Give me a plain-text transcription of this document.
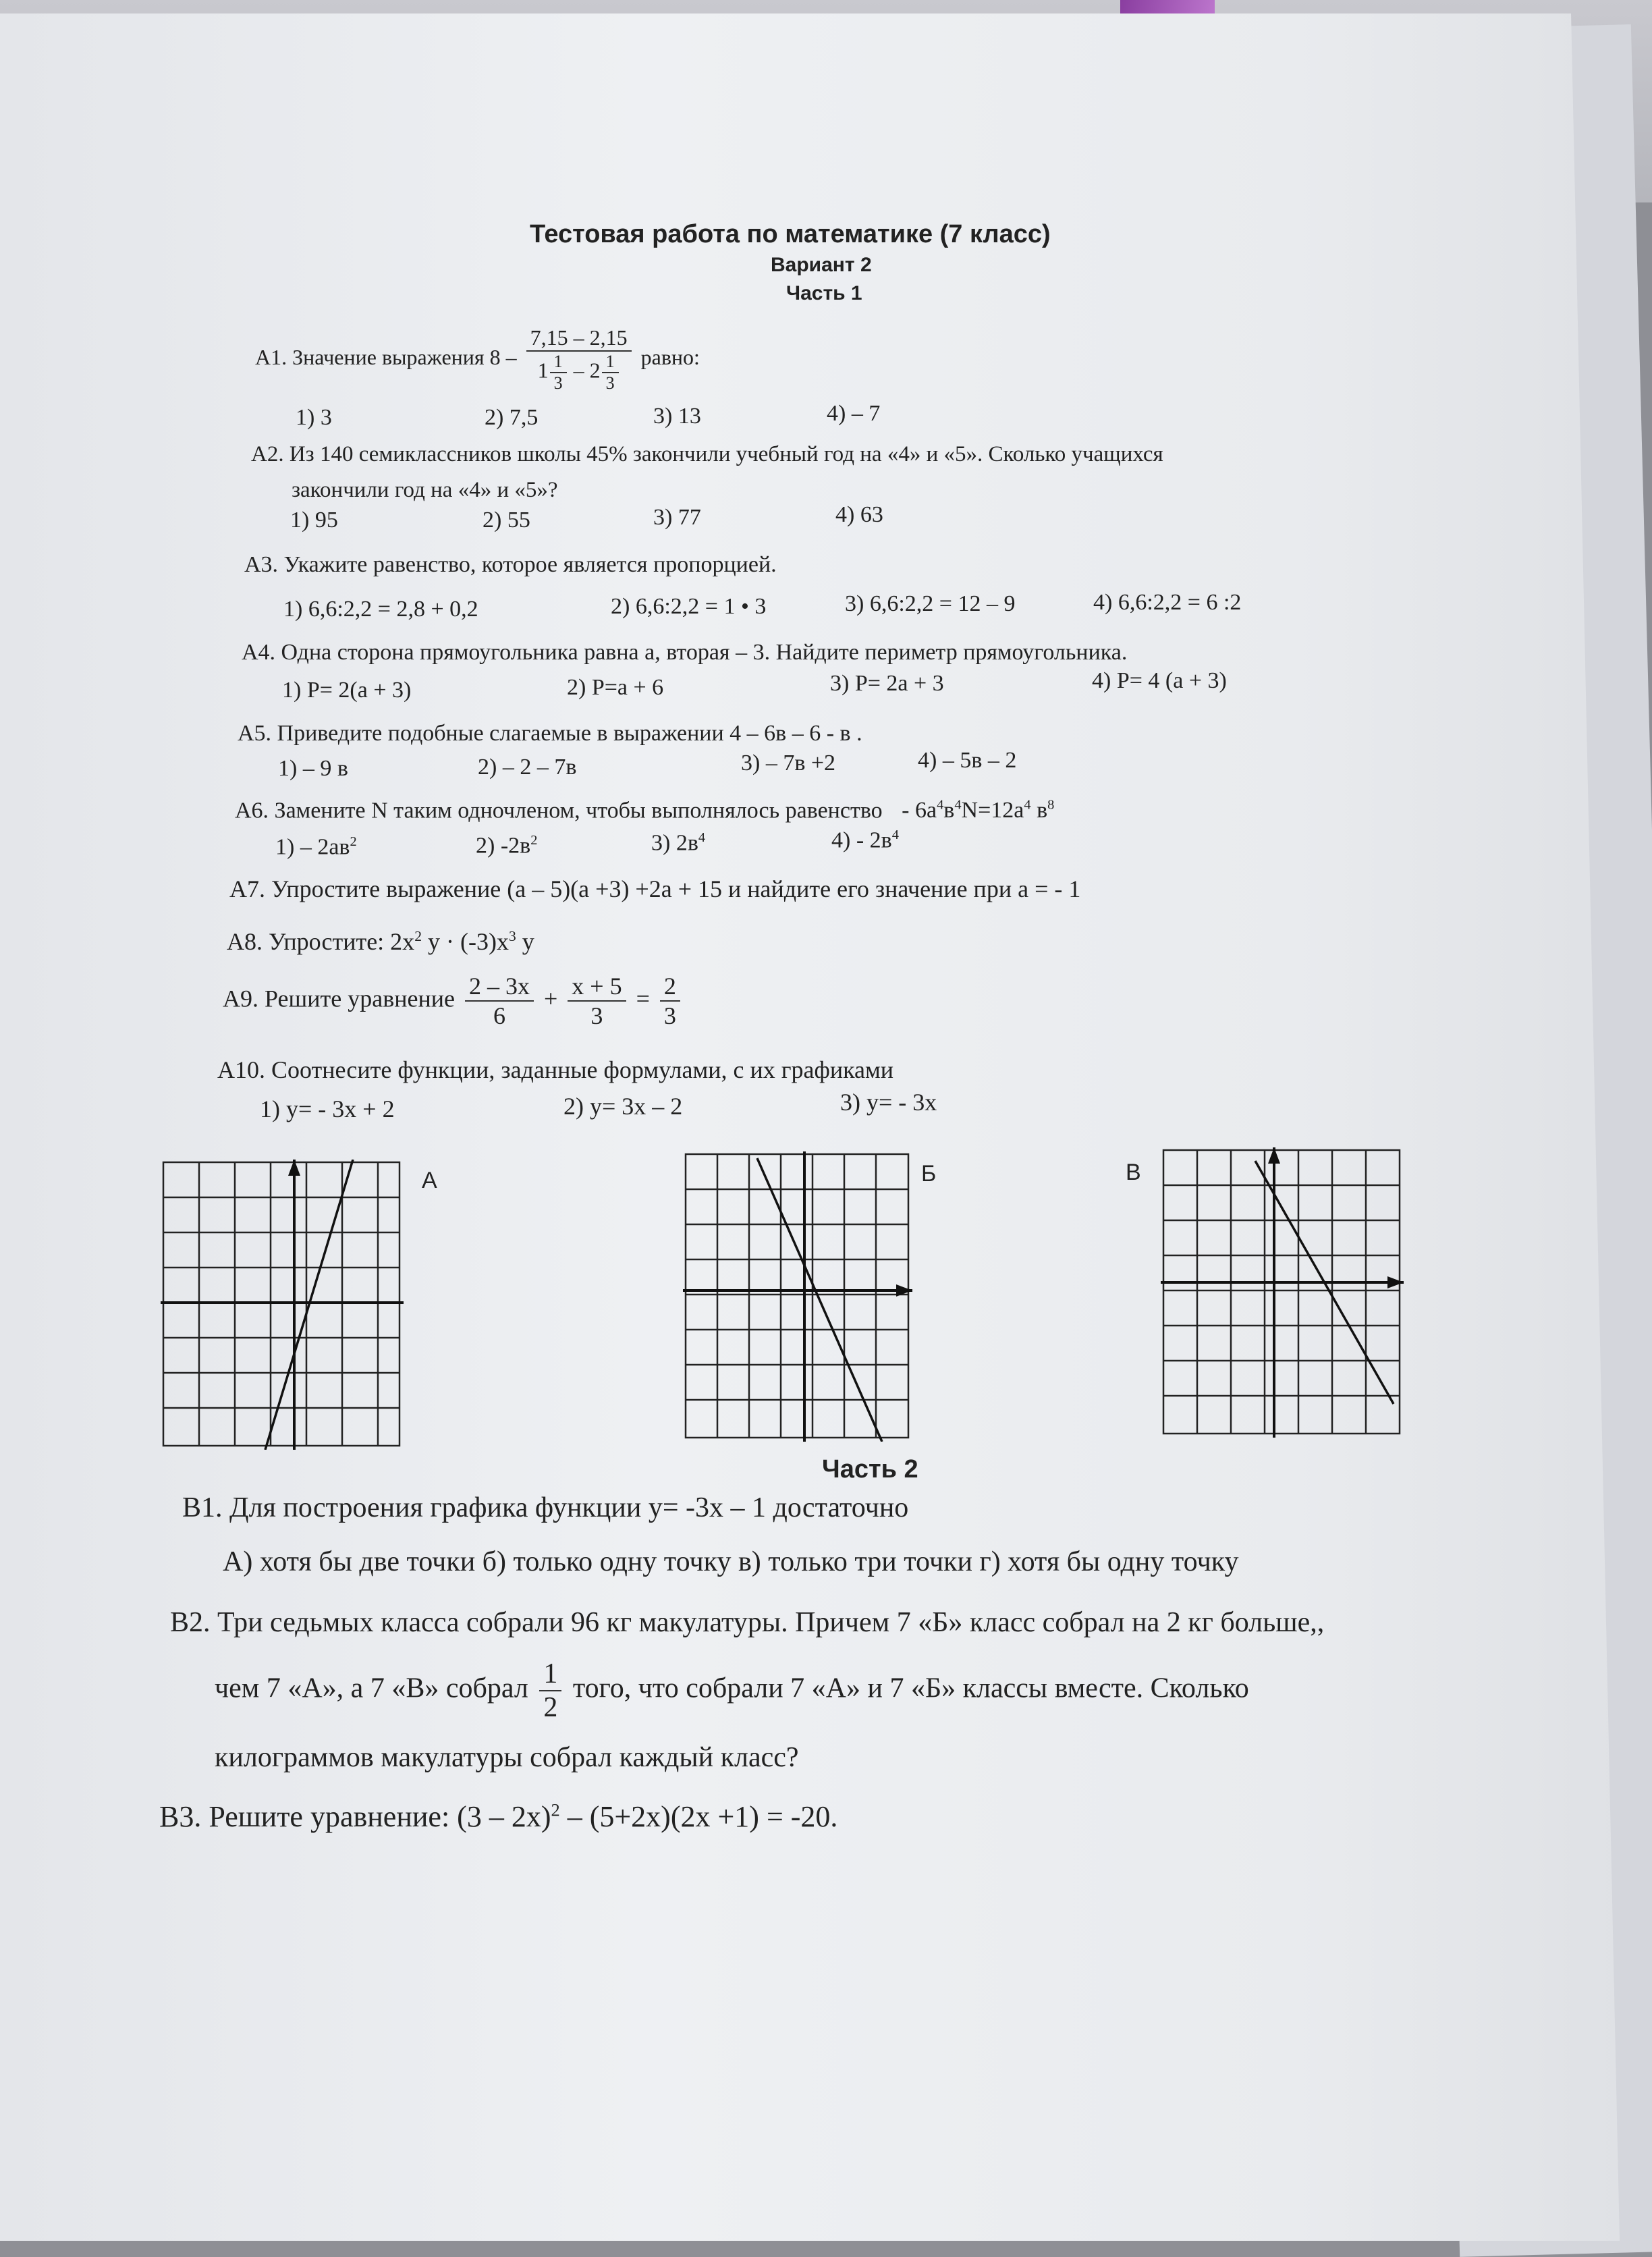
Тестовая работа по математике (7 класс)
Вариант 2
Часть 1
А1. Значение выражения $8 - \frac{7,15 - 2,15}{1 \frac{1}{3} - 2 \frac{1}{3}}$ равно:
1) 3	2) 7,5	3) 13	4) – 7
А2. Из 140 семиклассников школы 45% закончили учебный год на «4» и «5». Сколько учащихся
закончили год на «4» и «5»?
1) 95	2) 55	3) 77	4) 63
А3. Укажите равенство, которое является пропорцией.
1) 6,6:2,2 = 2,8 + 0,2	2) 6,6:2,2 = 1 • 3	3) 6,6:2,2 = 12 – 9	4) 6,6:2,2 = 6 :2
А4. Одна сторона прямоугольника равна а, вторая – 3. Найдите периметр прямоугольника.
1) Р= 2(а + 3)	2) Р=а + 6	3) Р= 2а + 3	4) Р= 4 (а + 3)
А5. Приведите подобные слагаемые в выражении 4 – 6в – 6 - в .
1) – 9 в	2) – 2 – 7в	3) – 7в +2	4) – 5в – 2
А6. Замените N таким одночленом, чтобы выполнялось равенство - $6а^4в^4N=12а^4$ $в^8$
$1) - 2ав^2$	2) $-2в^2$	3) $2в^4$	$4) - 2в^4$
А7. Упростите выражение (а – 5)(а +3) +2а + 15 и найдите его значение при а = - 1
А8. Упростите: $2х^2$ $у \cdot (-3)х^3$ у
А9. Решите уравнение $\frac{2 - 3х}{6} + \frac{х + 5}{3} = \frac{2}{3}$
А10. Соотнесите функции, заданные формулами, с их графиками
1) у= - 3х + 2	2) у= 3х – 2	3) у= - 3х
А	Б	В
Часть 2
В1. Для построения графика функции у= -3х – 1 достаточно
А) хотя бы две точки б) только одну точку в) только три точки г) хотя бы одну точку
В2. Три седьмых класса собрали 96 кг макулатуры. Причем 7 «Б» класс собрал на 2 кг больше,,
чем 7 «А», а 7 «В» собрал $\frac{1}{2}$ того, что собрали 7 «А» и 7 «Б» классы вместе. Сколько
килограммов макулатуры собрал каждый класс?
В3. Решите уравнение: (3 – 2х)$^2$ – (5+2х)(2х +1) = -20.
